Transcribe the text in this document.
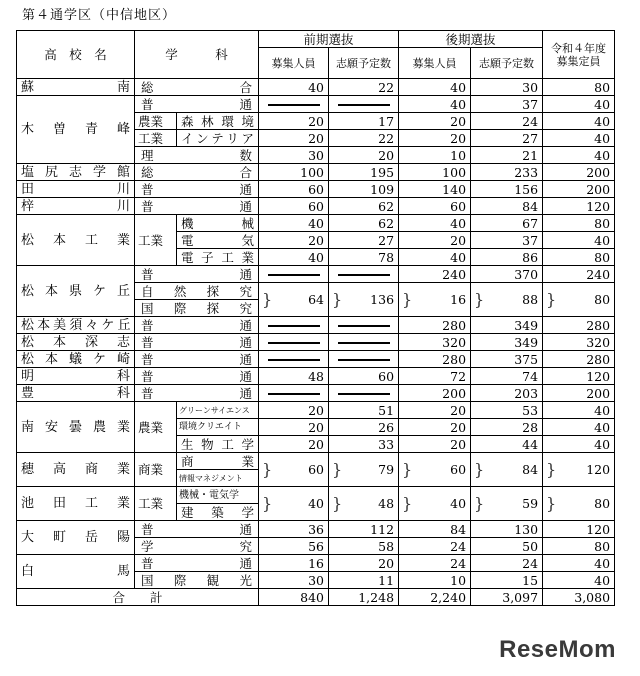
第４通学区（中信地区）
高　校　名	学　　　科		前期選抜		後期選抜		令和４年度募集定員
			募集人員	志願予定数	募集人員	志願予定数	
蘇南	総合		40	22	40	30	80
木曽青峰	普通				40	37	40
	農業	森林環境	20	17	20	24	40
	工業	インテリア	20	22	20	27	40
	理数		30	20	10	21	40
塩尻志学館	総合		100	195	100	233	200
田川	普通		60	109	140	156	200
梓川	普通		60	62	60	84	120
松本工業	工業	機械	40	62	40	67	80
		電気	20	27	20	37	40
		電子工業	40	78	40	86	80
松本県ケ丘	普通				240	370	240
	自然探究		} 64	} 136	} 16	} 88	} 80
	国際探究						
松本美須々ケ丘	普通				280	349	280
松本深志	普通				320	349	320
松本蟻ケ崎	普通				280	375	280
明科	普通		48	60	72	74	120
豊科	普通				200	203	200
南安曇農業	農業	グリーンサイエンス	20	51	20	53	40
		環境クリエイト	20	26	20	28	40
		生物工学	20	33	20	44	40
穂高商業	商業	商業	} 60	} 79	} 60	} 84	} 120
		情報マネジメント					
池田工業	工業	機械・電気学	} 40	} 48	} 40	} 59	} 80
		建築学					
大町岳陽	普通		36	112	84	130	120
	学究		56	58	24	50	80
白馬	普通		16	20	24	24	40
	国際観光		30	11	10	15	40
合　　計			840	1,248	2,240	3,097	3,080
ReseMom
